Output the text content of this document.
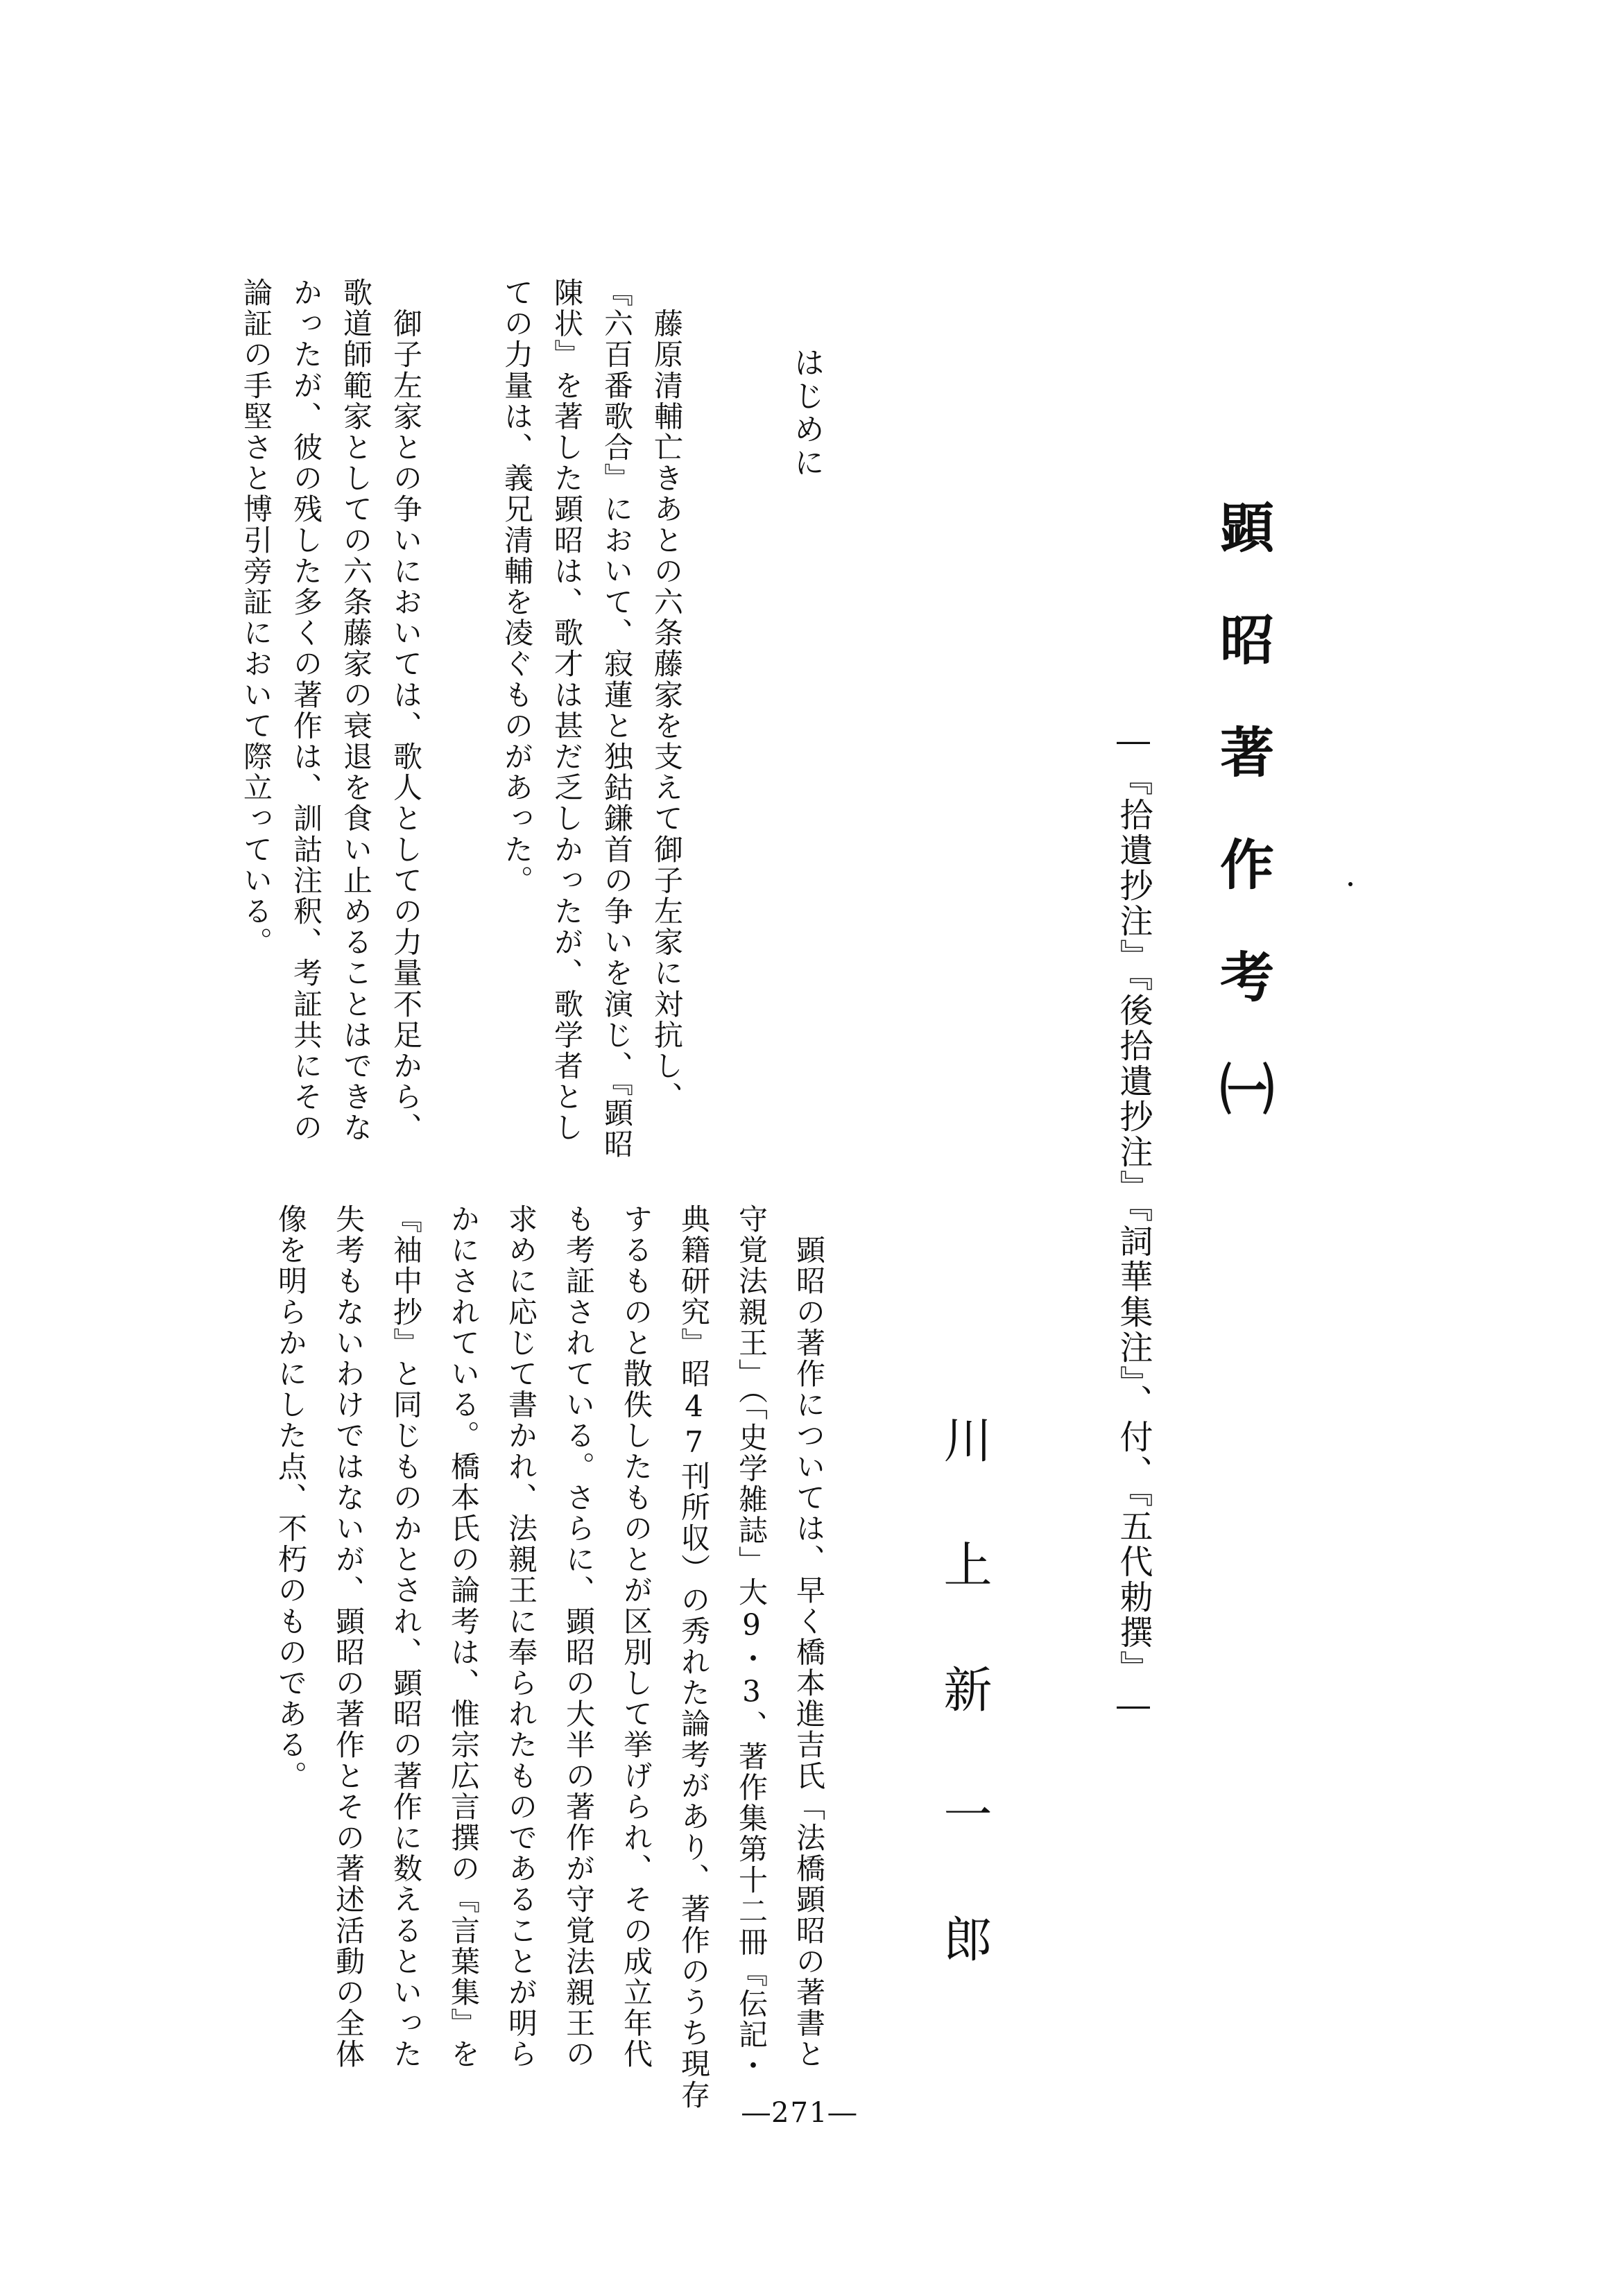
顕昭著作考㈠
―『拾遺抄注』『後拾遺抄注』『詞華集注』、付、『五代勅撰』―
川上新一郎
はじめに
　藤原清輔亡きあとの六条藤家を支えて御子左家に対抗し、
『六百番歌合』において、寂蓮と独鈷鎌首の争いを演じ、『顕昭
陳状』を著した顕昭は、歌才は甚だ乏しかったが、歌学者とし
ての力量は、義兄清輔を凌ぐものがあった。
　御子左家との争いにおいては、歌人としての力量不足から、
歌道師範家としての六条藤家の衰退を食い止めることはできな
かったが、彼の残した多くの著作は、訓詁注釈、考証共にその
論証の手堅さと博引旁証において際立っている。
　顕昭の著作については、早く橋本進吉氏「法橋顕昭の著書と
守覚法親王」（「史学雑誌」大9・3、著作集第十二冊『伝記・
典籍研究』昭47刊所収）の秀れた論考があり、著作のうち現存
するものと散佚したものとが区別して挙げられ、その成立年代
も考証されている。さらに、顕昭の大半の著作が守覚法親王の
求めに応じて書かれ、法親王に奉られたものであることが明ら
かにされている。橋本氏の論考は、惟宗広言撰の『言葉集』を
『袖中抄』と同じものかとされ、顕昭の著作に数えるといった
失考もないわけではないが、顕昭の著作とその著述活動の全体
像を明らかにした点、不朽のものである。
―271―
